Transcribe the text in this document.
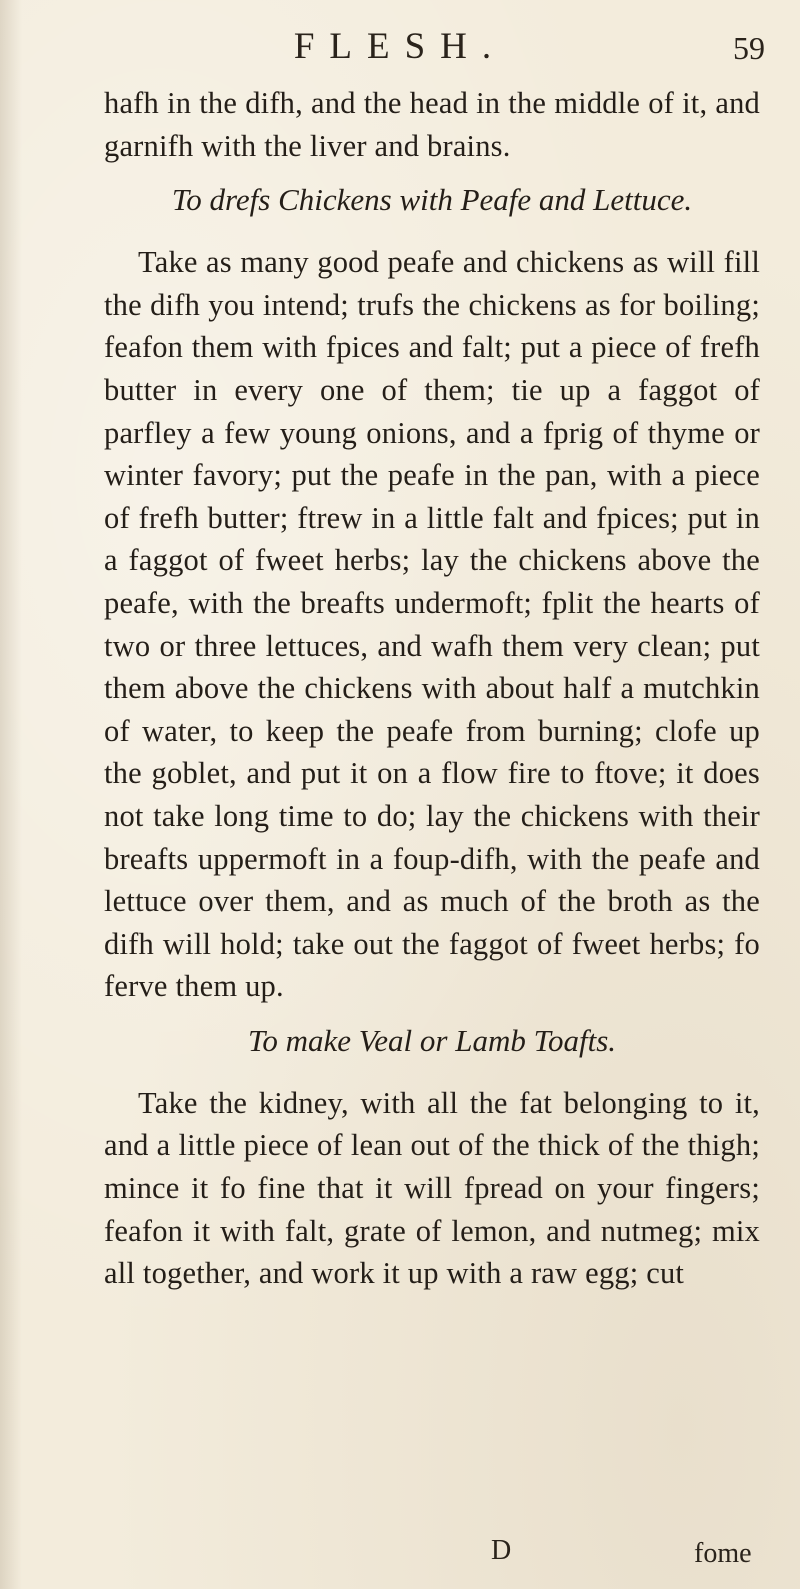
FLESH.	59

hafh in the difh, and the head in the middle of it, and garnifh with the liver and brains.

To drefs Chickens with Peafe and Lettuce.

Take as many good peafe and chickens as will fill the difh you intend; trufs the chickens as for boiling; feafon them with fpices and falt; put a piece of frefh butter in every one of them; tie up a faggot of parfley a few young onions, and a fprig of thyme or winter favory; put the peafe in the pan, with a piece of frefh butter; ftrew in a little falt and fpices; put in a faggot of fweet herbs; lay the chickens above the peafe, with the breafts undermoft; fplit the hearts of two or three lettuces, and wafh them very clean; put them above the chickens with about half a mutchkin of water, to keep the peafe from burning; clofe up the goblet, and put it on a flow fire to ftove; it does not take long time to do; lay the chickens with their breafts uppermoft in a foup-difh, with the peafe and lettuce over them, and as much of the broth as the difh will hold; take out the faggot of fweet herbs; fo ferve them up.

To make Veal or Lamb Toafts.

Take the kidney, with all the fat belonging to it, and a little piece of lean out of the thick of the thigh; mince it fo fine that it will fpread on your fingers; feafon it with falt, grate of lemon, and nutmeg; mix all together, and work it up with a raw egg; cut

D	fome
